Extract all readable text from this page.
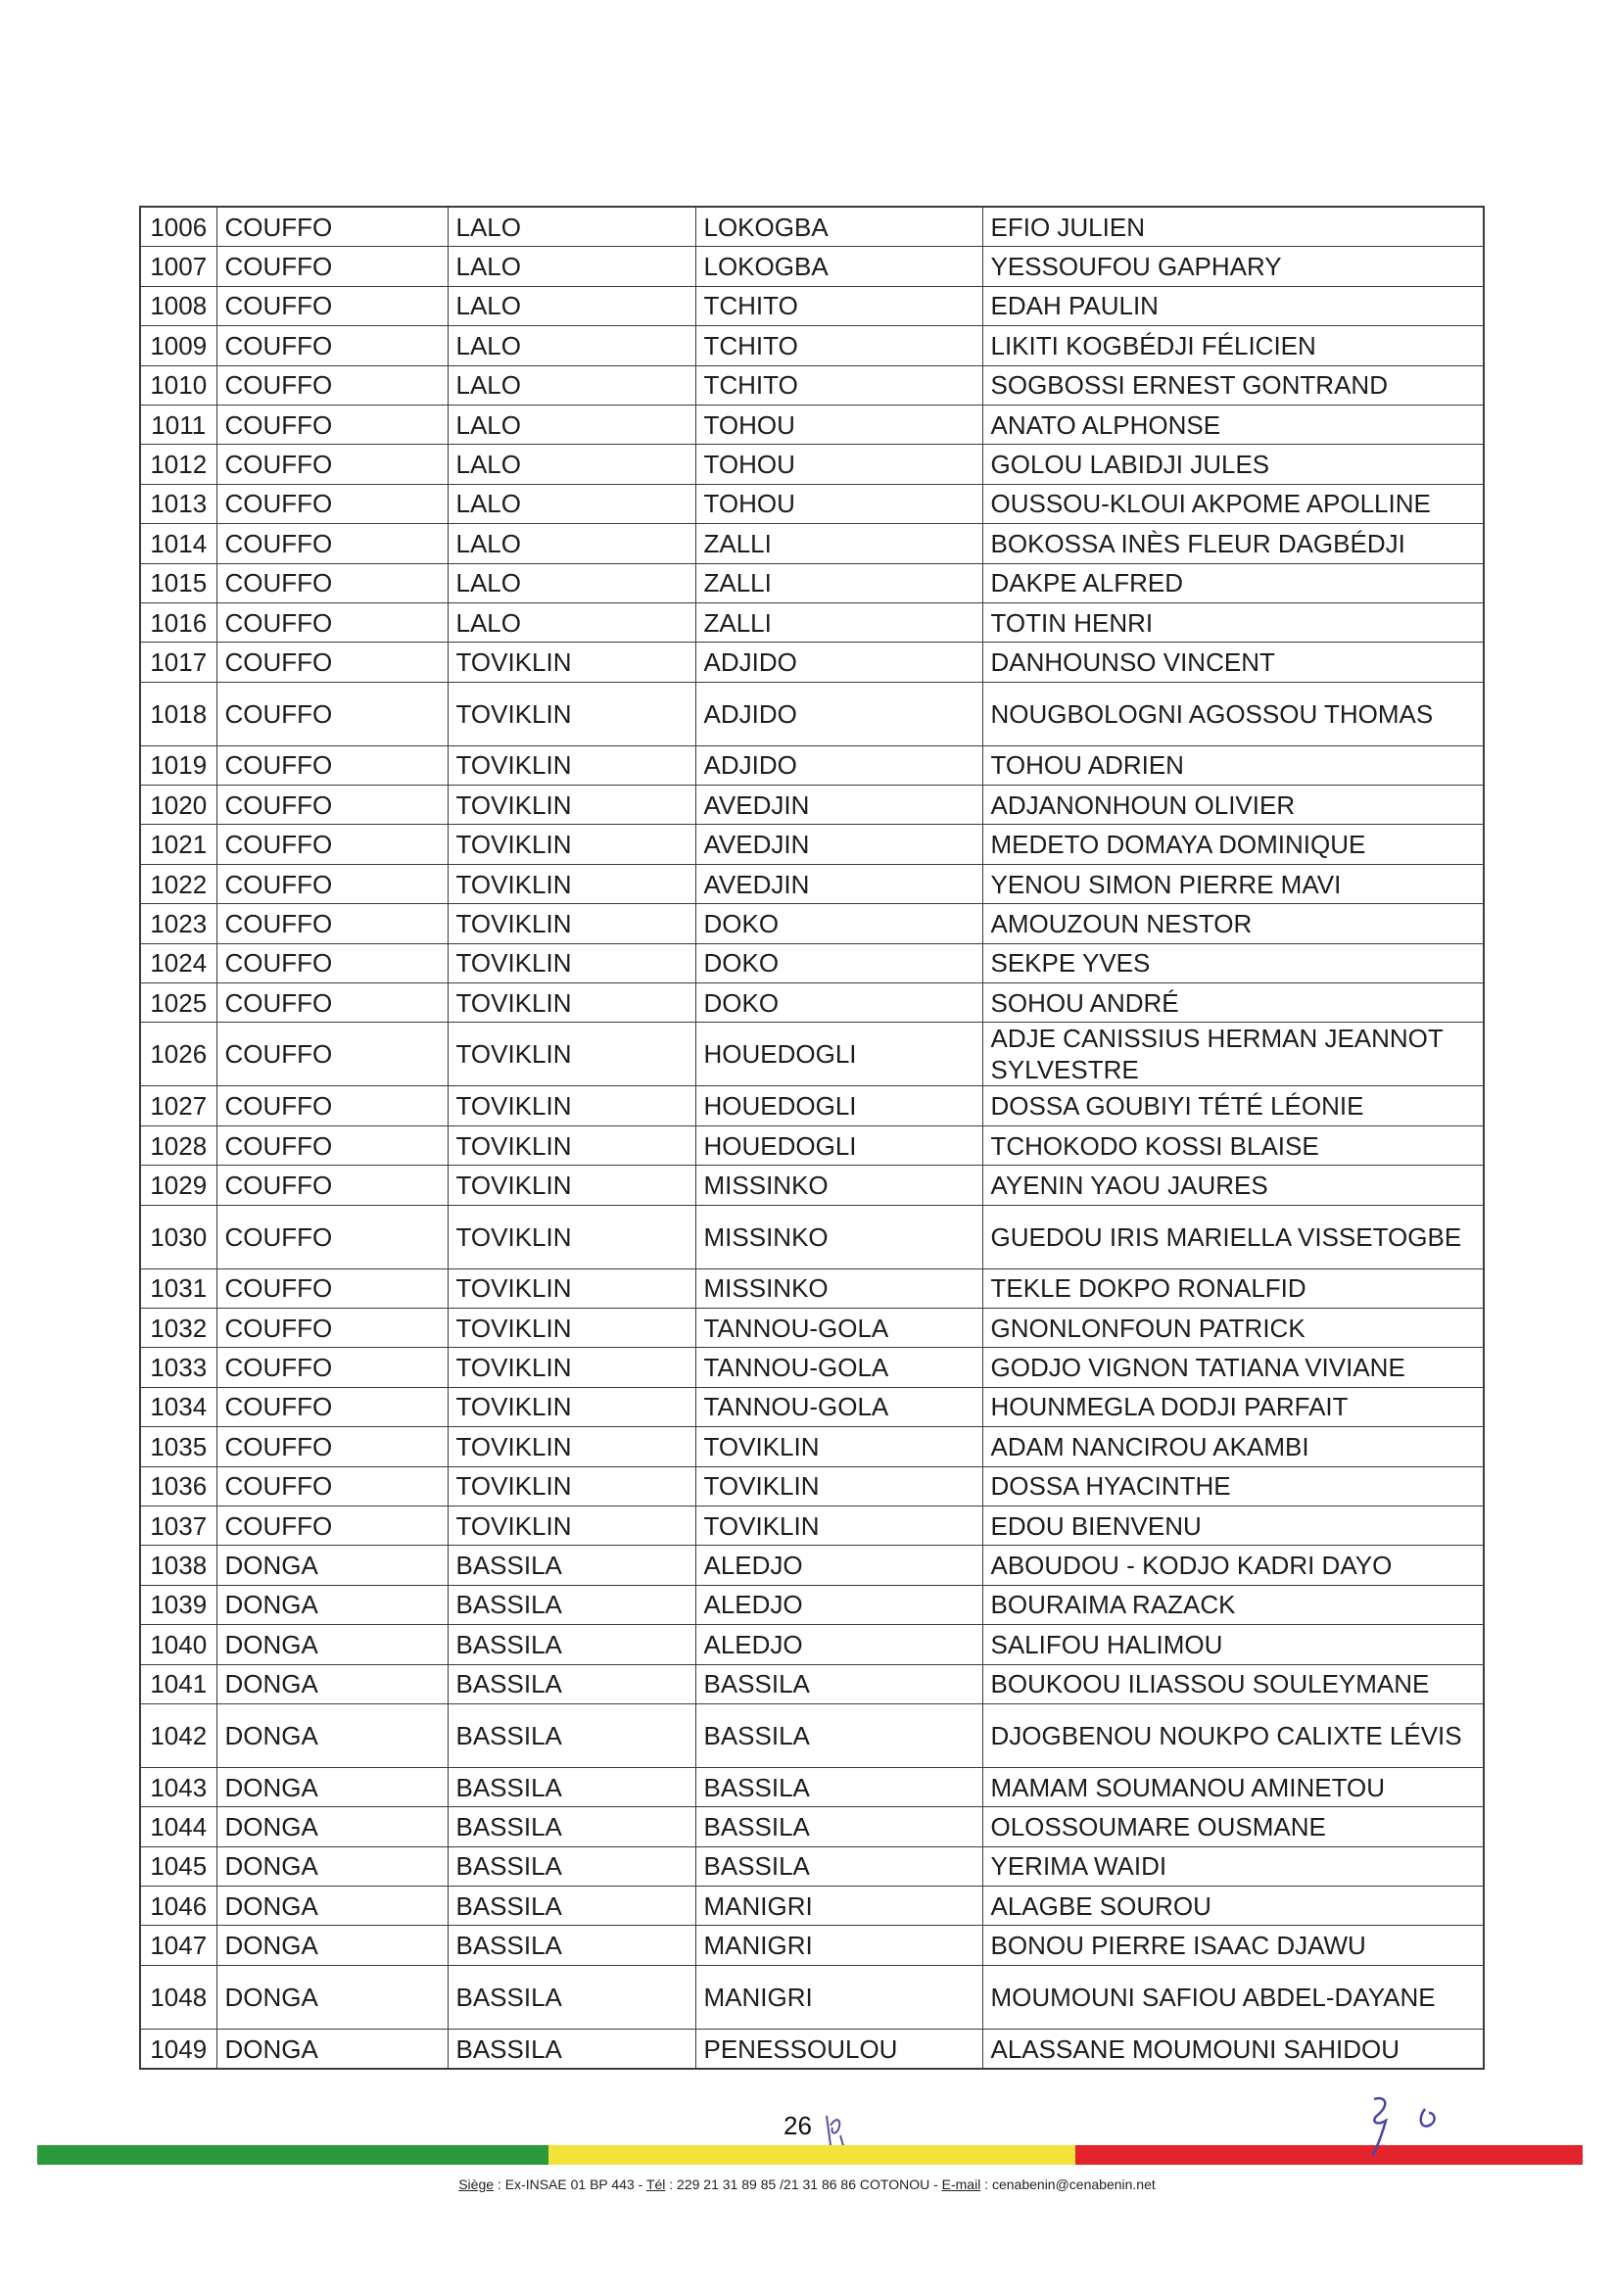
1006	COUFFO	LALO	LOKOGBA	EFIO JULIEN
1007	COUFFO	LALO	LOKOGBA	YESSOUFOU GAPHARY
1008	COUFFO	LALO	TCHITO	EDAH PAULIN
1009	COUFFO	LALO	TCHITO	LIKITI KOGBÉDJI FÉLICIEN
1010	COUFFO	LALO	TCHITO	SOGBOSSI ERNEST GONTRAND
1011	COUFFO	LALO	TOHOU	ANATO ALPHONSE
1012	COUFFO	LALO	TOHOU	GOLOU LABIDJI JULES
1013	COUFFO	LALO	TOHOU	OUSSOU-KLOUI AKPOME APOLLINE
1014	COUFFO	LALO	ZALLI	BOKOSSA INÈS FLEUR DAGBÉDJI
1015	COUFFO	LALO	ZALLI	DAKPE ALFRED
1016	COUFFO	LALO	ZALLI	TOTIN HENRI
1017	COUFFO	TOVIKLIN	ADJIDO	DANHOUNSO VINCENT
1018	COUFFO	TOVIKLIN	ADJIDO	NOUGBOLOGNI AGOSSOU THOMAS
1019	COUFFO	TOVIKLIN	ADJIDO	TOHOU ADRIEN
1020	COUFFO	TOVIKLIN	AVEDJIN	ADJANONHOUN OLIVIER
1021	COUFFO	TOVIKLIN	AVEDJIN	MEDETO DOMAYA DOMINIQUE
1022	COUFFO	TOVIKLIN	AVEDJIN	YENOU SIMON PIERRE MAVI
1023	COUFFO	TOVIKLIN	DOKO	AMOUZOUN NESTOR
1024	COUFFO	TOVIKLIN	DOKO	SEKPE YVES
1025	COUFFO	TOVIKLIN	DOKO	SOHOU ANDRÉ
1026	COUFFO	TOVIKLIN	HOUEDOGLI	ADJE CANISSIUS HERMAN JEANNOT SYLVESTRE
1027	COUFFO	TOVIKLIN	HOUEDOGLI	DOSSA GOUBIYI TÉTÉ LÉONIE
1028	COUFFO	TOVIKLIN	HOUEDOGLI	TCHOKODO KOSSI BLAISE
1029	COUFFO	TOVIKLIN	MISSINKO	AYENIN YAOU JAURES
1030	COUFFO	TOVIKLIN	MISSINKO	GUEDOU IRIS MARIELLA VISSETOGBE
1031	COUFFO	TOVIKLIN	MISSINKO	TEKLE DOKPO RONALFID
1032	COUFFO	TOVIKLIN	TANNOU-GOLA	GNONLONFOUN PATRICK
1033	COUFFO	TOVIKLIN	TANNOU-GOLA	GODJO VIGNON TATIANA VIVIANE
1034	COUFFO	TOVIKLIN	TANNOU-GOLA	HOUNMEGLA DODJI PARFAIT
1035	COUFFO	TOVIKLIN	TOVIKLIN	ADAM NANCIROU AKAMBI
1036	COUFFO	TOVIKLIN	TOVIKLIN	DOSSA HYACINTHE
1037	COUFFO	TOVIKLIN	TOVIKLIN	EDOU BIENVENU
1038	DONGA	BASSILA	ALEDJO	ABOUDOU - KODJO KADRI DAYO
1039	DONGA	BASSILA	ALEDJO	BOURAIMA RAZACK
1040	DONGA	BASSILA	ALEDJO	SALIFOU HALIMOU
1041	DONGA	BASSILA	BASSILA	BOUKOOU ILIASSOU SOULEYMANE
1042	DONGA	BASSILA	BASSILA	DJOGBENOU NOUKPO CALIXTE LÉVIS
1043	DONGA	BASSILA	BASSILA	MAMAM SOUMANOU AMINETOU
1044	DONGA	BASSILA	BASSILA	OLOSSOUMARE OUSMANE
1045	DONGA	BASSILA	BASSILA	YERIMA WAIDI
1046	DONGA	BASSILA	MANIGRI	ALAGBE SOUROU
1047	DONGA	BASSILA	MANIGRI	BONOU PIERRE ISAAC DJAWU
1048	DONGA	BASSILA	MANIGRI	MOUMOUNI SAFIOU ABDEL-DAYANE
1049	DONGA	BASSILA	PENESSOULOU	ALASSANE MOUMOUNI SAHIDOU
26
Siège : Ex-INSAE 01 BP 443 - Tél : 229 21 31 89 85 /21 31 86 86 COTONOU - E-mail : cenabenin@cenabenin.net
